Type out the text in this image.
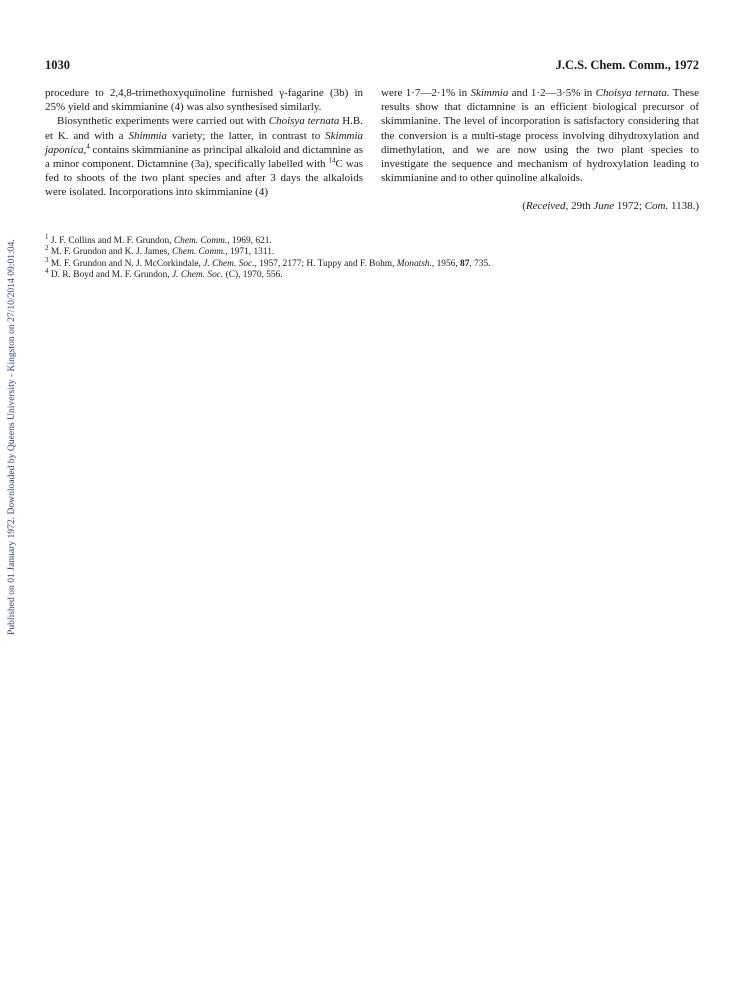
Published on 01 January 1972. Downloaded by Queens University - Kingston on 27/10/2014 09:01:04.
1030	J.C.S. Chem. Comm., 1972

procedure to 2,4,8-trimethoxyquinoline furnished γ-fagarine (3b) in 25% yield and skimmianine (4) was also synthesised similarly.

Biosynthetic experiments were carried out with Choisya ternata H.B. et K. and with a Shimmia variety; the latter, in contrast to Skimmia japonica,$^4$ contains skimmianine as principal alkaloid and dictamnine as a minor component. Dictamnine (3a), specifically labelled with $^{14}$C was fed to shoots of the two plant species and after 3 days the alkaloids were isolated. Incorporations into skimmianine (4)

were 1·7—2·1% in Skimmia and 1·2—3·5% in Choisya ternata. These results show that dictamnine is an efficient biological precursor of skimmianine. The level of incorporation is satisfactory considering that the conversion is a multi-stage process involving dihydroxylation and dimethylation, and we are now using the two plant species to investigate the sequence and mechanism of hydroxylation leading to skimmianine and to other quinoline alkaloids.

(Received, 29th June 1972; Com. 1138.)
$^1$ J. F. Collins and M. F. Grundon, Chem. Comm., 1969, 621.
$^2$ M. F. Grundon and K. J. James, Chem. Comm., 1971, 1311.
$^3$ M. F. Grundon and N. J. McCorkindale, J. Chem. Soc., 1957, 2177; H. Tuppy and F. Bohm, Monatsh., 1956, 87, 735.
$^4$ D. R. Boyd and M. F. Grundon, J. Chem. Soc. (C), 1970, 556.
